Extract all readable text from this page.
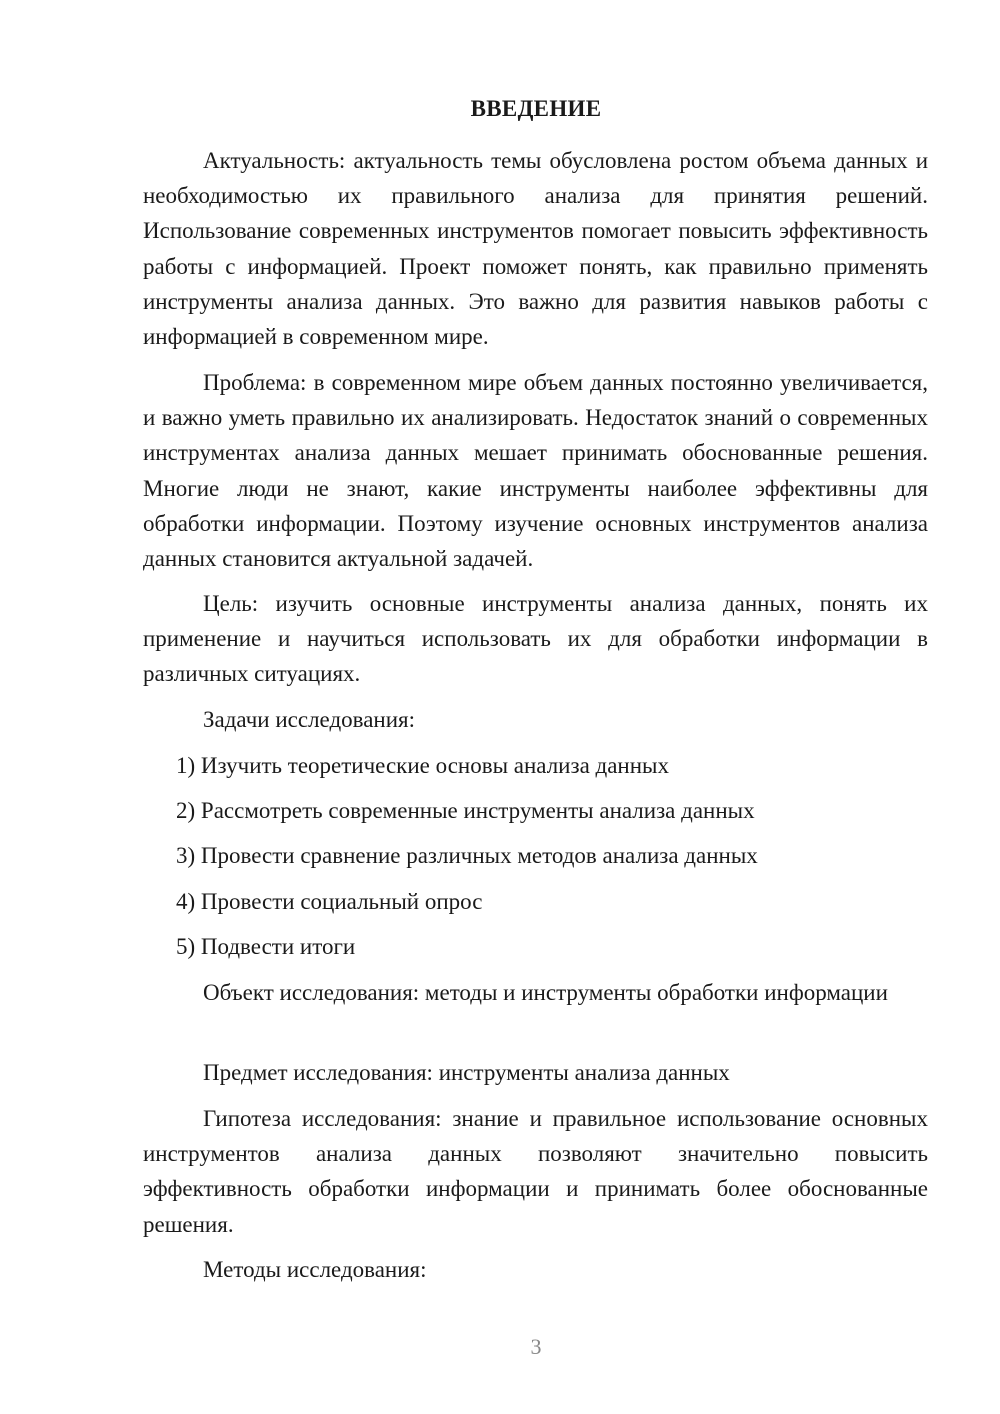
ВВЕДЕНИЕ

Актуальность: актуальность темы обусловлена ростом объема данных и необходимостью их правильного анализа для принятия решений. Использование современных инструментов помогает повысить эффективность работы с информацией. Проект поможет понять, как правильно применять инструменты анализа данных. Это важно для развития навыков работы с информацией в современном мире.

Проблема: в современном мире объем данных постоянно увеличивается, и важно уметь правильно их анализировать. Недостаток знаний о современных инструментах анализа данных мешает принимать обоснованные решения. Многие люди не знают, какие инструменты наиболее эффективны для обработки информации. Поэтому изучение основных инструментов анализа данных становится актуальной задачей.

Цель: изучить основные инструменты анализа данных, понять их применение и научиться использовать их для обработки информации в различных ситуациях.

Задачи исследования:

1) Изучить теоретические основы анализа данных

2) Рассмотреть современные инструменты анализа данных

3) Провести сравнение различных методов анализа данных

4) Провести социальный опрос

5) Подвести итоги

Объект исследования: методы и инструменты обработки информации

Предмет исследования: инструменты анализа данных

Гипотеза исследования: знание и правильное использование основных инструментов анализа данных позволяют значительно повысить эффективность обработки информации и принимать более обоснованные решения.

Методы исследования:

3
